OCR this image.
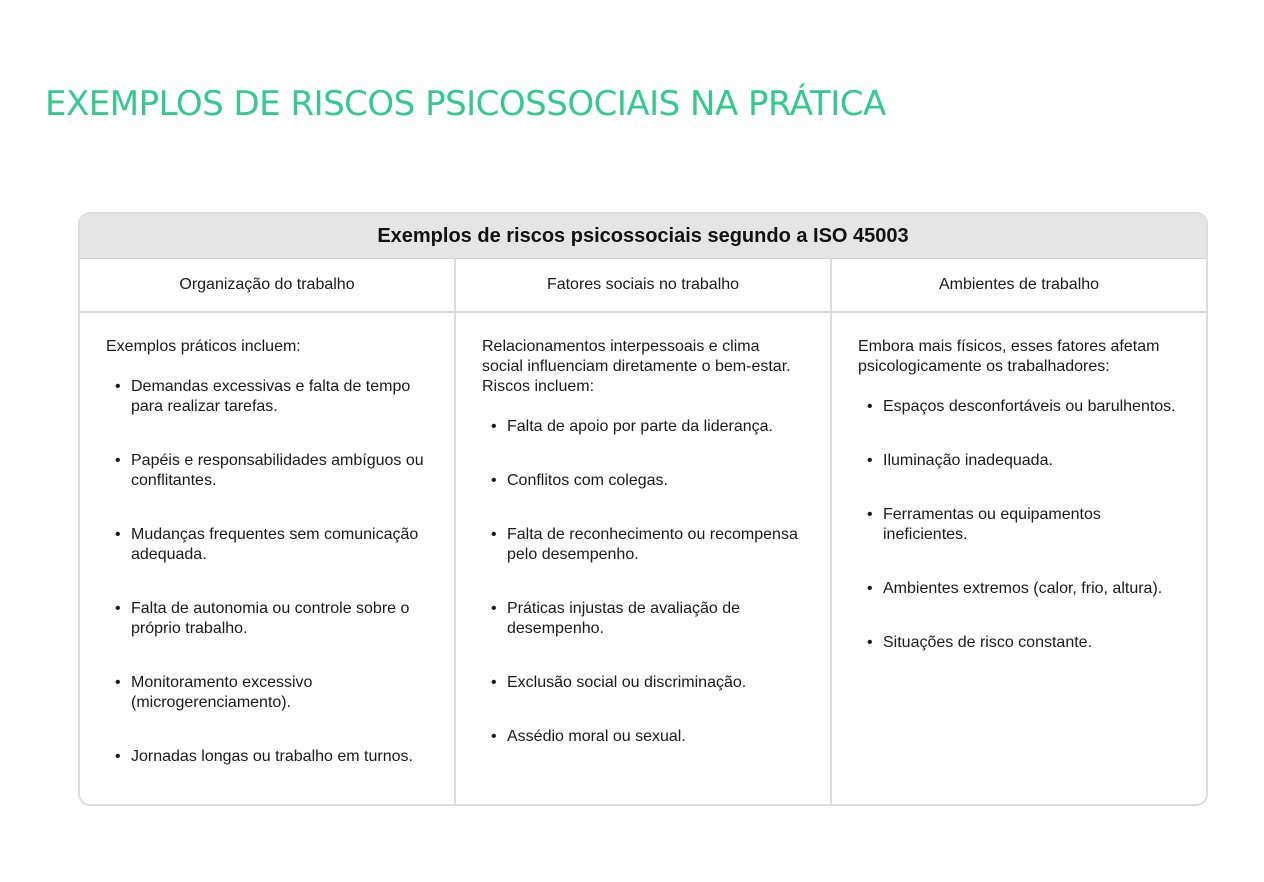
EXEMPLOS DE RISCOS PSICOSSOCIAIS NA PRÁTICA
Exemplos de riscos psicossociais segundo a ISO 45003
Organização do trabalho	Fatores sociais no trabalho	Ambientes de trabalho

Exemplos práticos incluem:

• Demandas excessivas e falta de tempo para realizar tarefas.
• Papéis e responsabilidades ambíguos ou conflitantes.
• Mudanças frequentes sem comunicação adequada.
• Falta de autonomia ou controle sobre o próprio trabalho.
• Monitoramento excessivo (microgerenciamento).
• Jornadas longas ou trabalho em turnos.

Relacionamentos interpessoais e clima social influenciam diretamente o bem-estar. Riscos incluem:

• Falta de apoio por parte da liderança.
• Conflitos com colegas.
• Falta de reconhecimento ou recompensa pelo desempenho.
• Práticas injustas de avaliação de desempenho.
• Exclusão social ou discriminação.
• Assédio moral ou sexual.

Embora mais físicos, esses fatores afetam psicologicamente os trabalhadores:

• Espaços desconfortáveis ou barulhentos.
• Iluminação inadequada.
• Ferramentas ou equipamentos ineficientes.
• Ambientes extremos (calor, frio, altura).
• Situações de risco constante.
